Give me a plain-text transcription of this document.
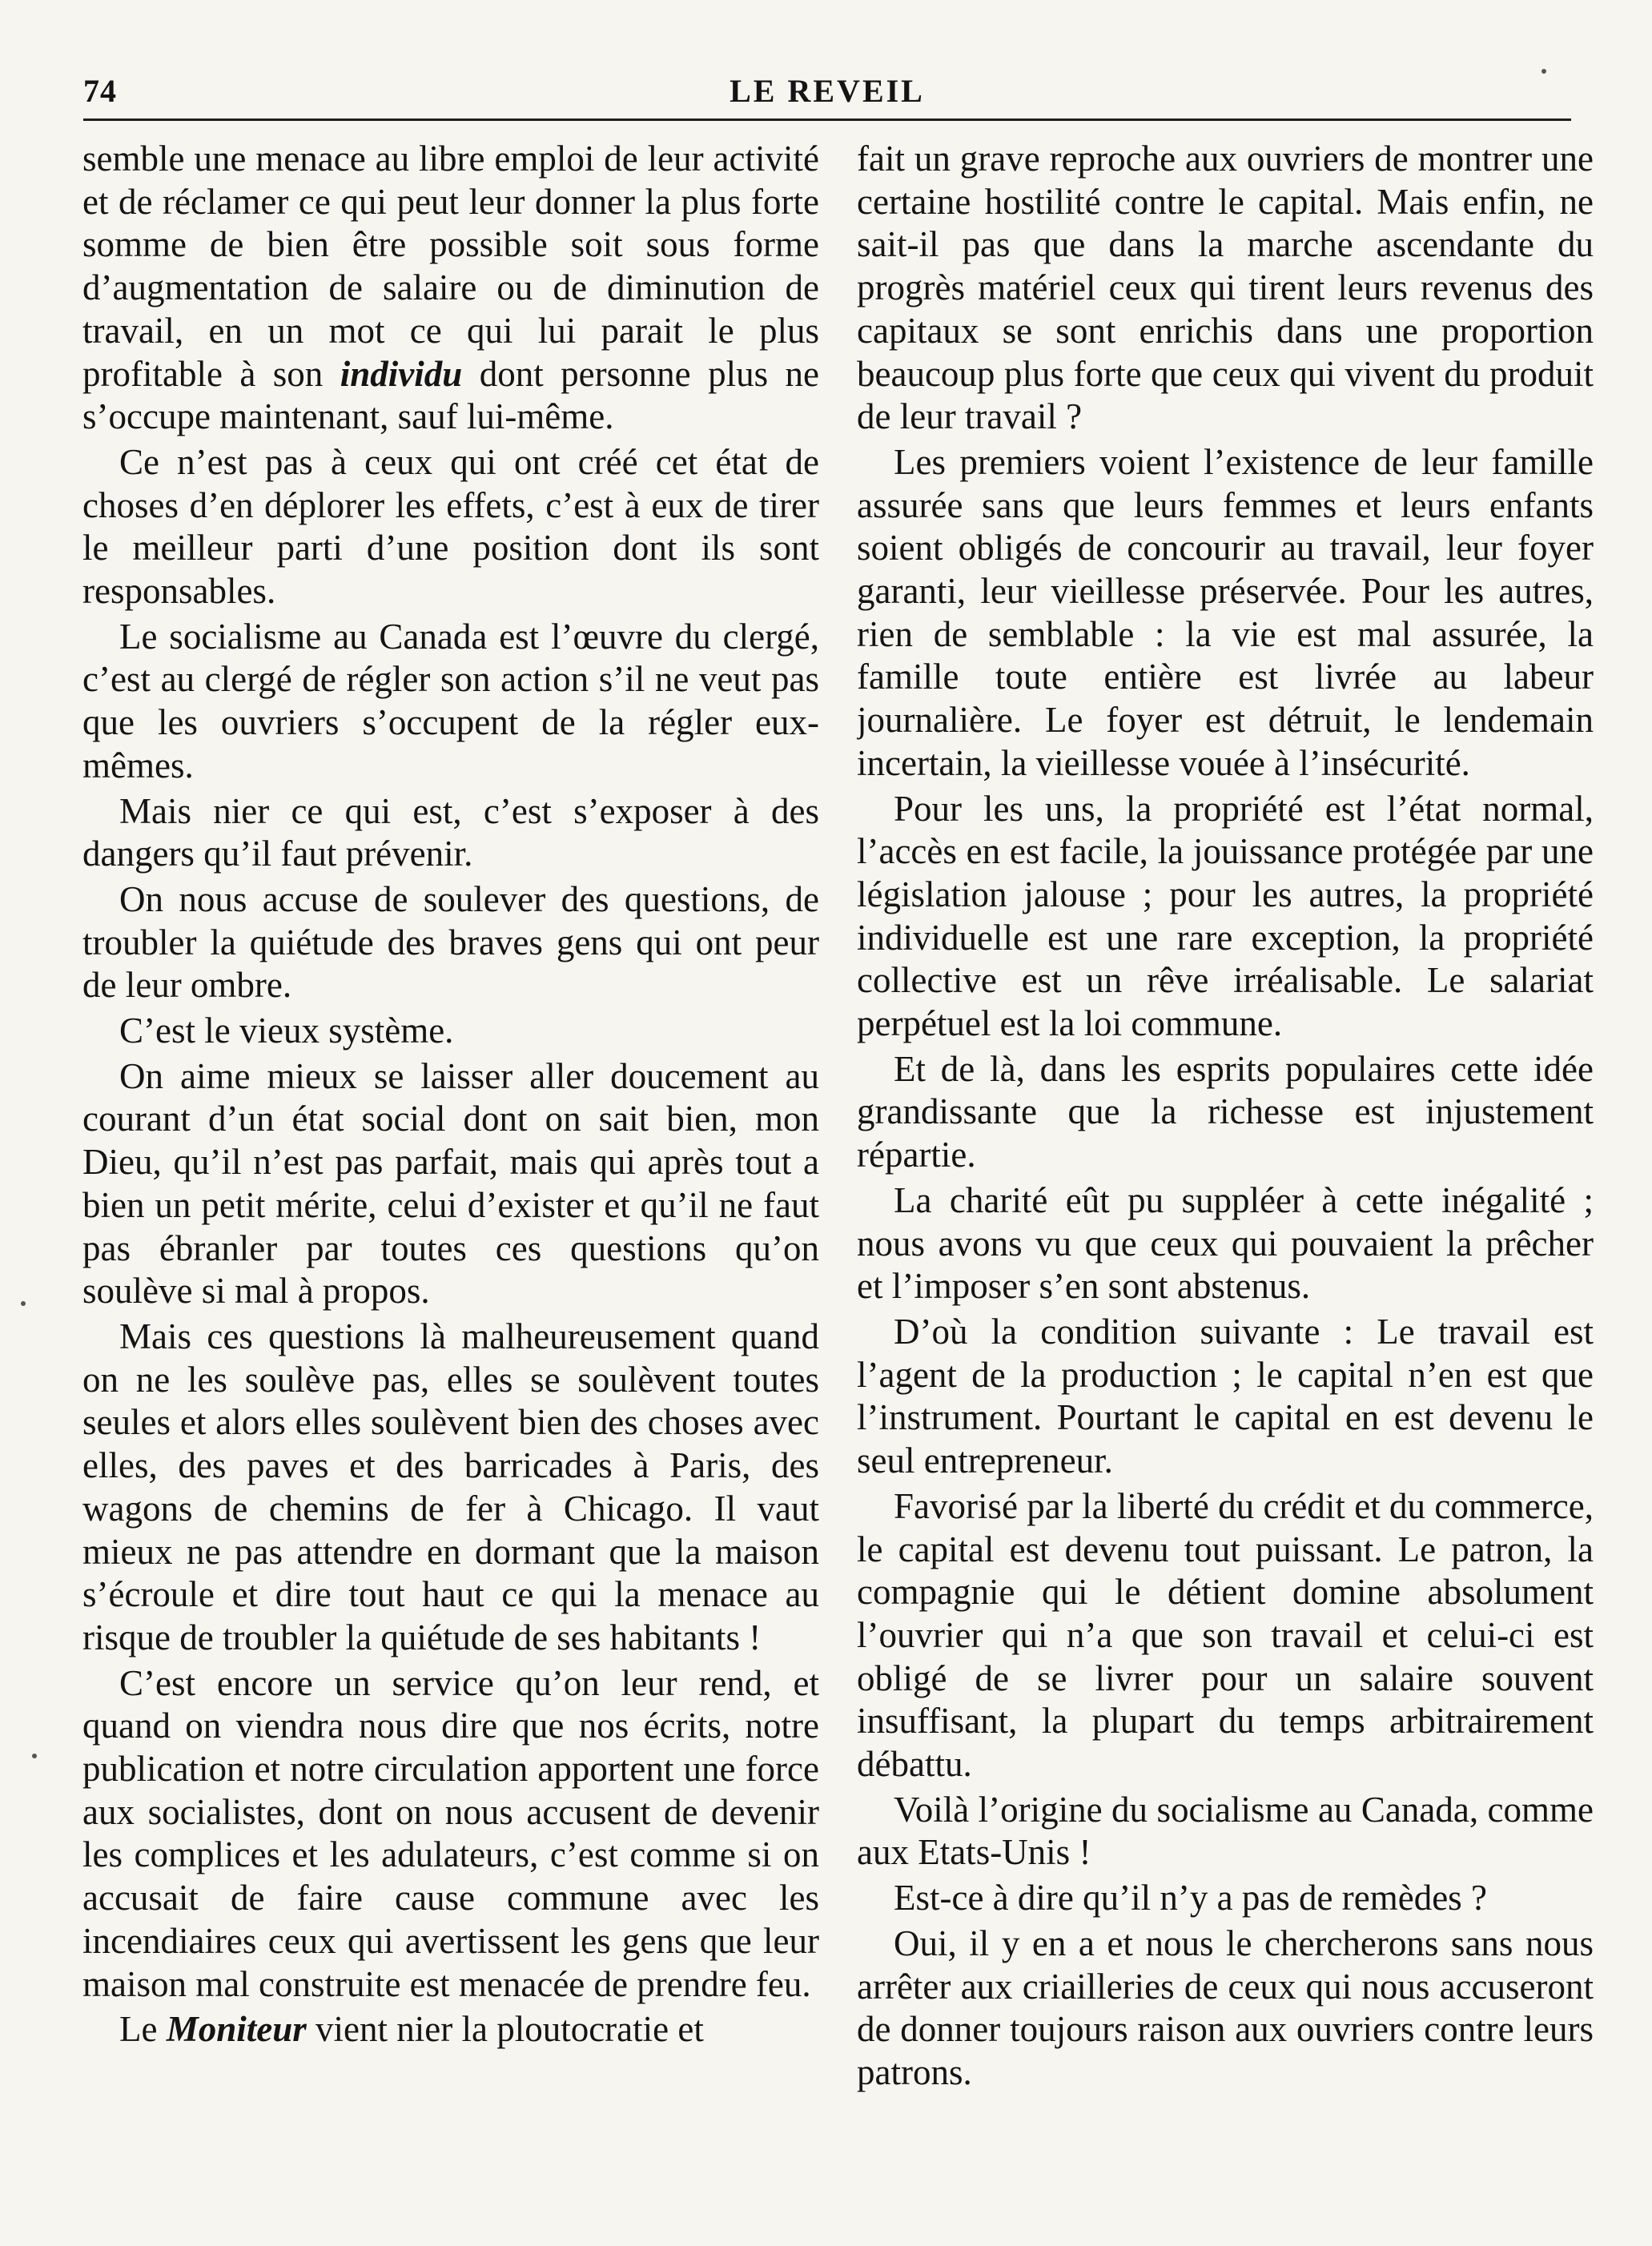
74	LE REVEIL

semble une menace au libre emploi de leur activité et de réclamer ce qui peut leur donner la plus forte somme de bien être possible soit sous forme d’augmentation de salaire ou de diminution de travail, en un mot ce qui lui parait le plus profitable à son individu dont personne plus ne s’occupe maintenant, sauf lui-même.

Ce n’est pas à ceux qui ont créé cet état de choses d’en déplorer les effets, c’est à eux de tirer le meilleur parti d’une position dont ils sont responsables.

Le socialisme au Canada est l’œuvre du clergé, c’est au clergé de régler son action s’il ne veut pas que les ouvriers s’occupent de la régler eux-mêmes.

Mais nier ce qui est, c’est s’exposer à des dangers qu’il faut prévenir.

On nous accuse de soulever des questions, de troubler la quiétude des braves gens qui ont peur de leur ombre.

C’est le vieux système.

On aime mieux se laisser aller doucement au courant d’un état social dont on sait bien, mon Dieu, qu’il n’est pas parfait, mais qui après tout a bien un petit mérite, celui d’exister et qu’il ne faut pas ébranler par toutes ces questions qu’on soulève si mal à propos.

Mais ces questions là malheureusement quand on ne les soulève pas, elles se soulèvent toutes seules et alors elles soulèvent bien des choses avec elles, des paves et des barricades à Paris, des wagons de chemins de fer à Chicago. Il vaut mieux ne pas attendre en dormant que la maison s’écroule et dire tout haut ce qui la menace au risque de troubler la quiétude de ses habitants !

C’est encore un service qu’on leur rend, et quand on viendra nous dire que nos écrits, notre publication et notre circulation apportent une force aux socialistes, dont on nous accusent de devenir les complices et les adulateurs, c’est comme si on accusait de faire cause commune avec les incendiaires ceux qui avertissent les gens que leur maison mal construite est menacée de prendre feu.

Le Moniteur vient nier la ploutocratie et

fait un grave reproche aux ouvriers de montrer une certaine hostilité contre le capital. Mais enfin, ne sait-il pas que dans la marche ascendante du progrès matériel ceux qui tirent leurs revenus des capitaux se sont enrichis dans une proportion beaucoup plus forte que ceux qui vivent du produit de leur travail ?

Les premiers voient l’existence de leur famille assurée sans que leurs femmes et leurs enfants soient obligés de concourir au travail, leur foyer garanti, leur vieillesse préservée. Pour les autres, rien de semblable : la vie est mal assurée, la famille toute entière est livrée au labeur journalière. Le foyer est détruit, le lendemain incertain, la vieillesse vouée à l’insécurité.

Pour les uns, la propriété est l’état normal, l’accès en est facile, la jouissance protégée par une législation jalouse ; pour les autres, la propriété individuelle est une rare exception, la propriété collective est un rêve irréalisable. Le salariat perpétuel est la loi commune.

Et de là, dans les esprits populaires cette idée grandissante que la richesse est injustement répartie.

La charité eût pu suppléer à cette inégalité ; nous avons vu que ceux qui pouvaient la prêcher et l’imposer s’en sont abstenus.

D’où la condition suivante : Le travail est l’agent de la production ; le capital n’en est que l’instrument. Pourtant le capital en est devenu le seul entrepreneur.

Favorisé par la liberté du crédit et du commerce, le capital est devenu tout puissant. Le patron, la compagnie qui le détient domine absolument l’ouvrier qui n’a que son travail et celui-ci est obligé de se livrer pour un salaire souvent insuffisant, la plupart du temps arbitrairement débattu.

Voilà l’origine du socialisme au Canada, comme aux Etats-Unis !

Est-ce à dire qu’il n’y a pas de remèdes ?

Oui, il y en a et nous le chercherons sans nous arrêter aux criailleries de ceux qui nous accuseront de donner toujours raison aux ouvriers contre leurs patrons.
